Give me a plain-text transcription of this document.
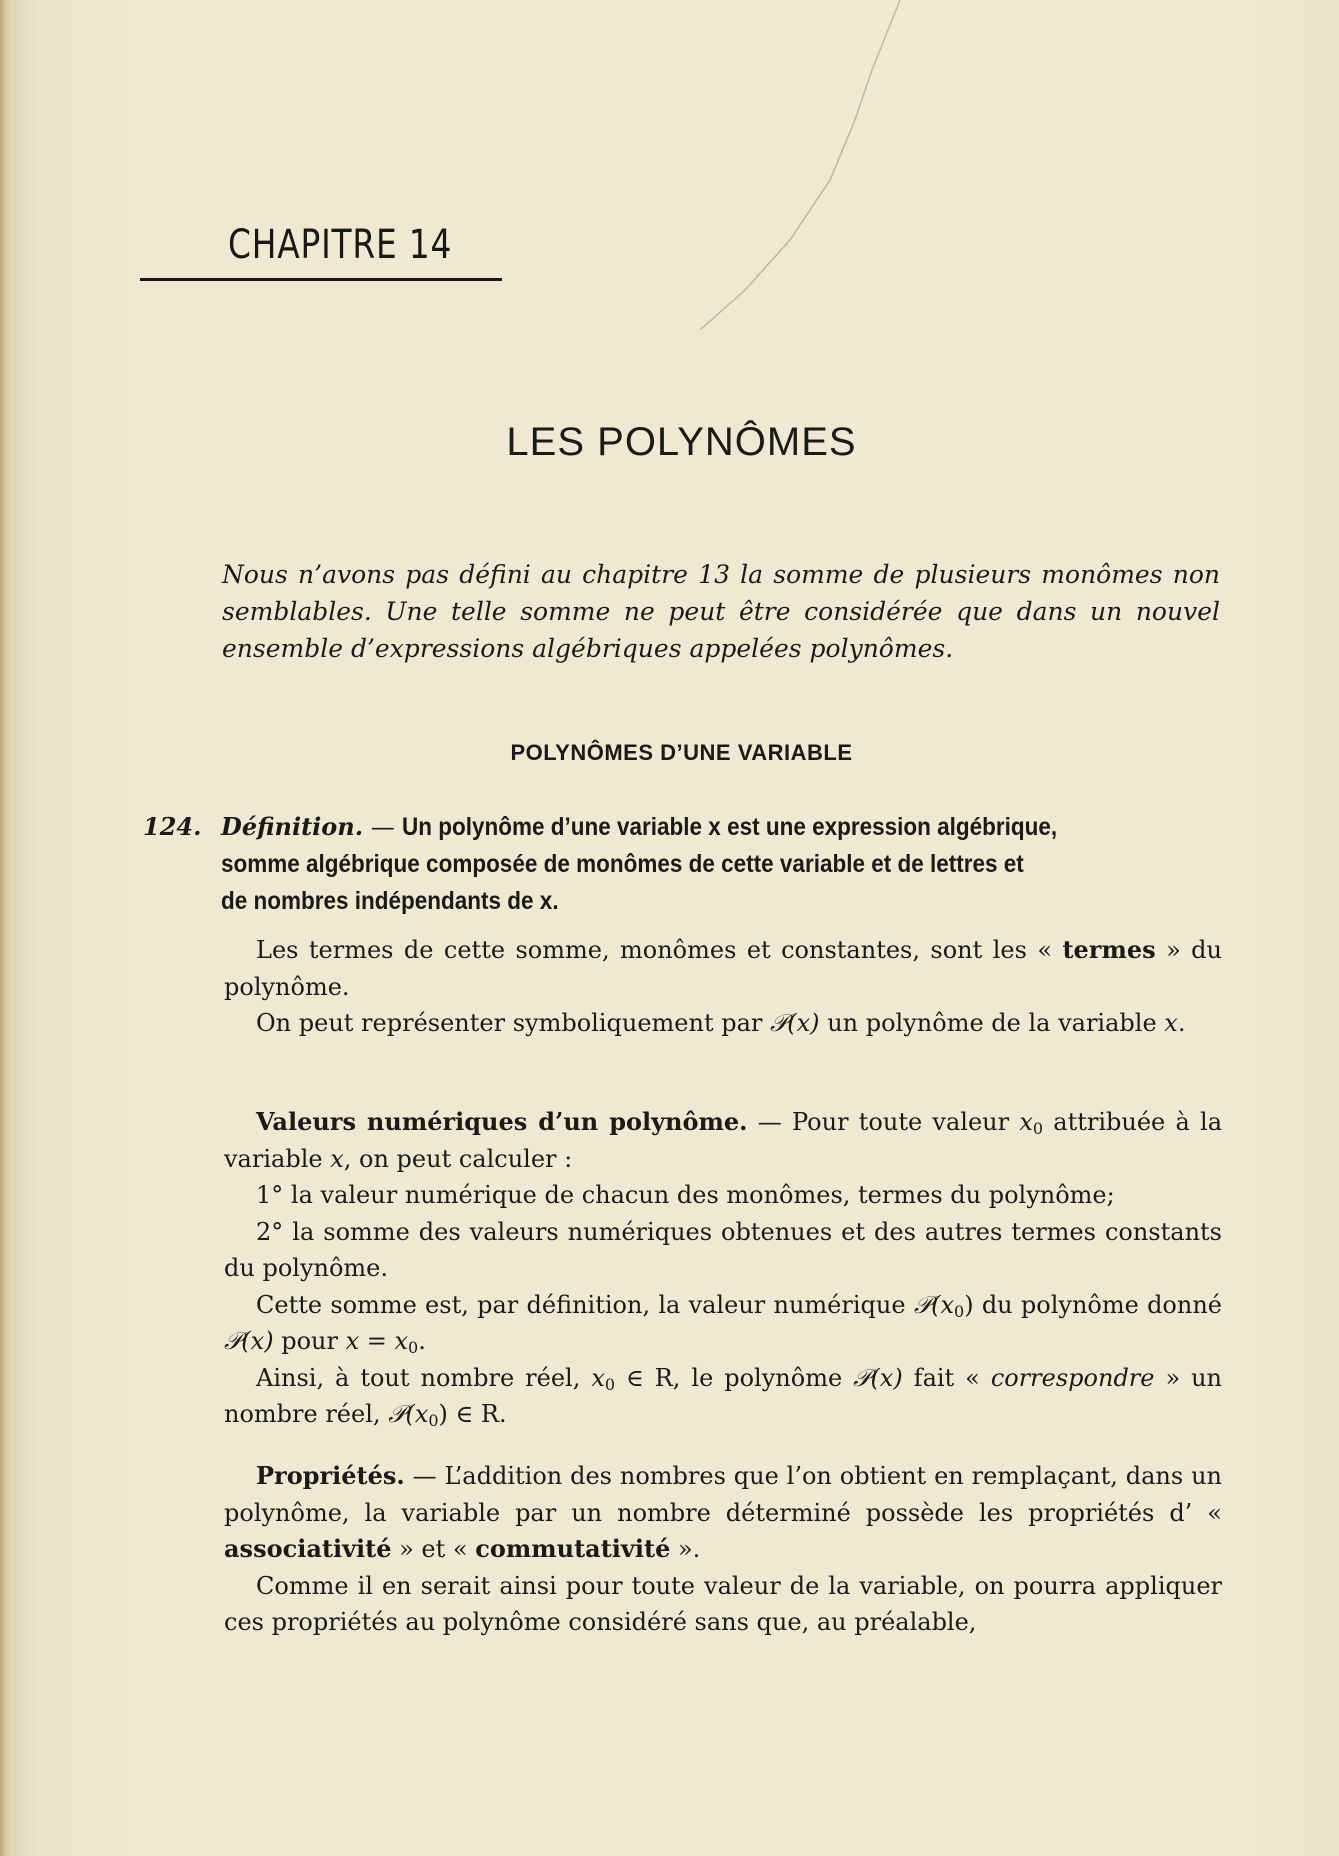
CHAPITRE 14
LES POLYNÔMES
Nous n’avons pas défini au chapitre 13 la somme de plusieurs monômes non semblables. Une telle somme ne peut être considérée que dans un nouvel ensemble d’expressions algébriques appelées polynômes.
POLYNÔMES D’UNE VARIABLE
124. Définition. — Un polynôme d’une variable x est une expression algébrique,
somme algébrique composée de monômes de cette variable et de lettres et
de nombres indépendants de x.

Les termes de cette somme, monômes et constantes, sont les « termes » du polynôme.

On peut représenter symboliquement par 𝒫(x) un polynôme de la variable x.

Valeurs numériques d’un polynôme. — Pour toute valeur $x_0$ attribuée à la variable x, on peut calculer :

1° la valeur numérique de chacun des monômes, termes du polynôme;

2° la somme des valeurs numériques obtenues et des autres termes constants du polynôme.

Cette somme est, par définition, la valeur numérique $𝒫(x_0)$ du polynôme donné 𝒫(x) pour $x = x_0$.

Ainsi, à tout nombre réel, $x_0$ ∈ R, le polynôme 𝒫(x) fait « correspondre » un nombre réel, $𝒫(x_0)$ ∈ R.

Propriétés. — L’addition des nombres que l’on obtient en remplaçant, dans un polynôme, la variable par un nombre déterminé possède les propriétés d’ « associativité » et « commutativité ».

Comme il en serait ainsi pour toute valeur de la variable, on pourra appliquer ces propriétés au polynôme considéré sans que, au préalable,
